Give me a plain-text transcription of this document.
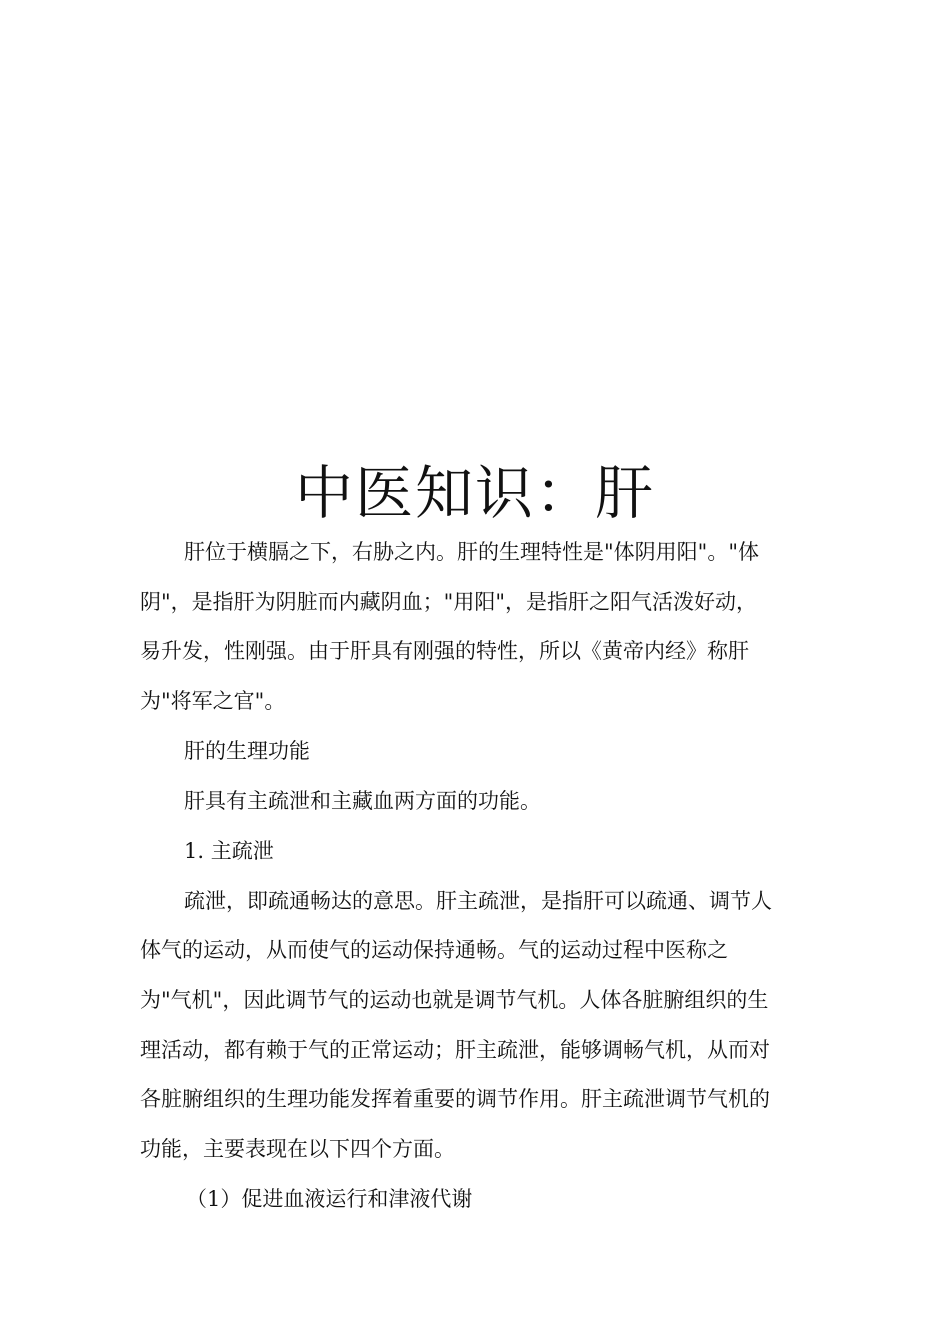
中医知识：肝

肝位于横膈之下，右胁之内。肝的生理特性是"体阴用阳"。"体

阴"，是指肝为阴脏而内藏阴血；"用阳"，是指肝之阳气活泼好动，

易升发，性刚强。由于肝具有刚强的特性，所以《黄帝内经》称肝

为"将军之官"。

肝的生理功能

肝具有主疏泄和主藏血两方面的功能。

1. 主疏泄

疏泄，即疏通畅达的意思。肝主疏泄，是指肝可以疏通、调节人

体气的运动，从而使气的运动保持通畅。气的运动过程中医称之

为"气机"，因此调节气的运动也就是调节气机。人体各脏腑组织的生

理活动，都有赖于气的正常运动；肝主疏泄，能够调畅气机，从而对

各脏腑组织的生理功能发挥着重要的调节作用。肝主疏泄调节气机的

功能，主要表现在以下四个方面。

（1）促进血液运行和津液代谢
